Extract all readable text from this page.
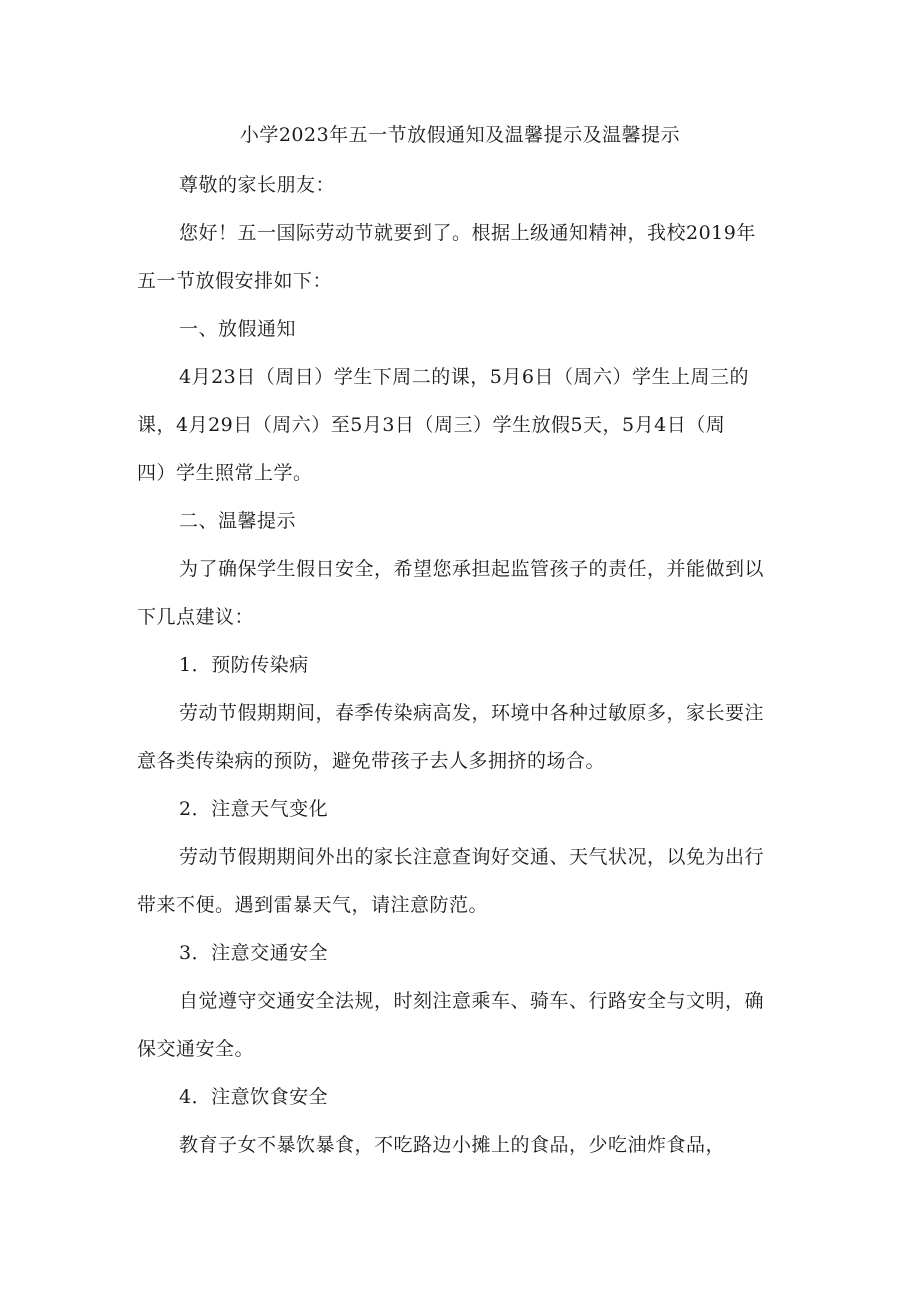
小学2023年五一节放假通知及温馨提示及温馨提示
尊敬的家长朋友：
您好！五一国际劳动节就要到了。根据上级通知精神，我校2019年
五一节放假安排如下：
一、放假通知
4月23日（周日）学生下周二的课，5月6日（周六）学生上周三的
课，4月29日（周六）至5月3日（周三）学生放假5天，5月4日（周
四）学生照常上学。
二、温馨提示
为了确保学生假日安全，希望您承担起监管孩子的责任，并能做到以
下几点建议：
1．预防传染病
劳动节假期期间，春季传染病高发，环境中各种过敏原多，家长要注
意各类传染病的预防，避免带孩子去人多拥挤的场合。
2．注意天气变化
劳动节假期期间外出的家长注意查询好交通、天气状况，以免为出行
带来不便。遇到雷暴天气，请注意防范。
3．注意交通安全
自觉遵守交通安全法规，时刻注意乘车、骑车、行路安全与文明，确
保交通安全。
4．注意饮食安全
教育子女不暴饮暴食，不吃路边小摊上的食品，少吃油炸食品，
